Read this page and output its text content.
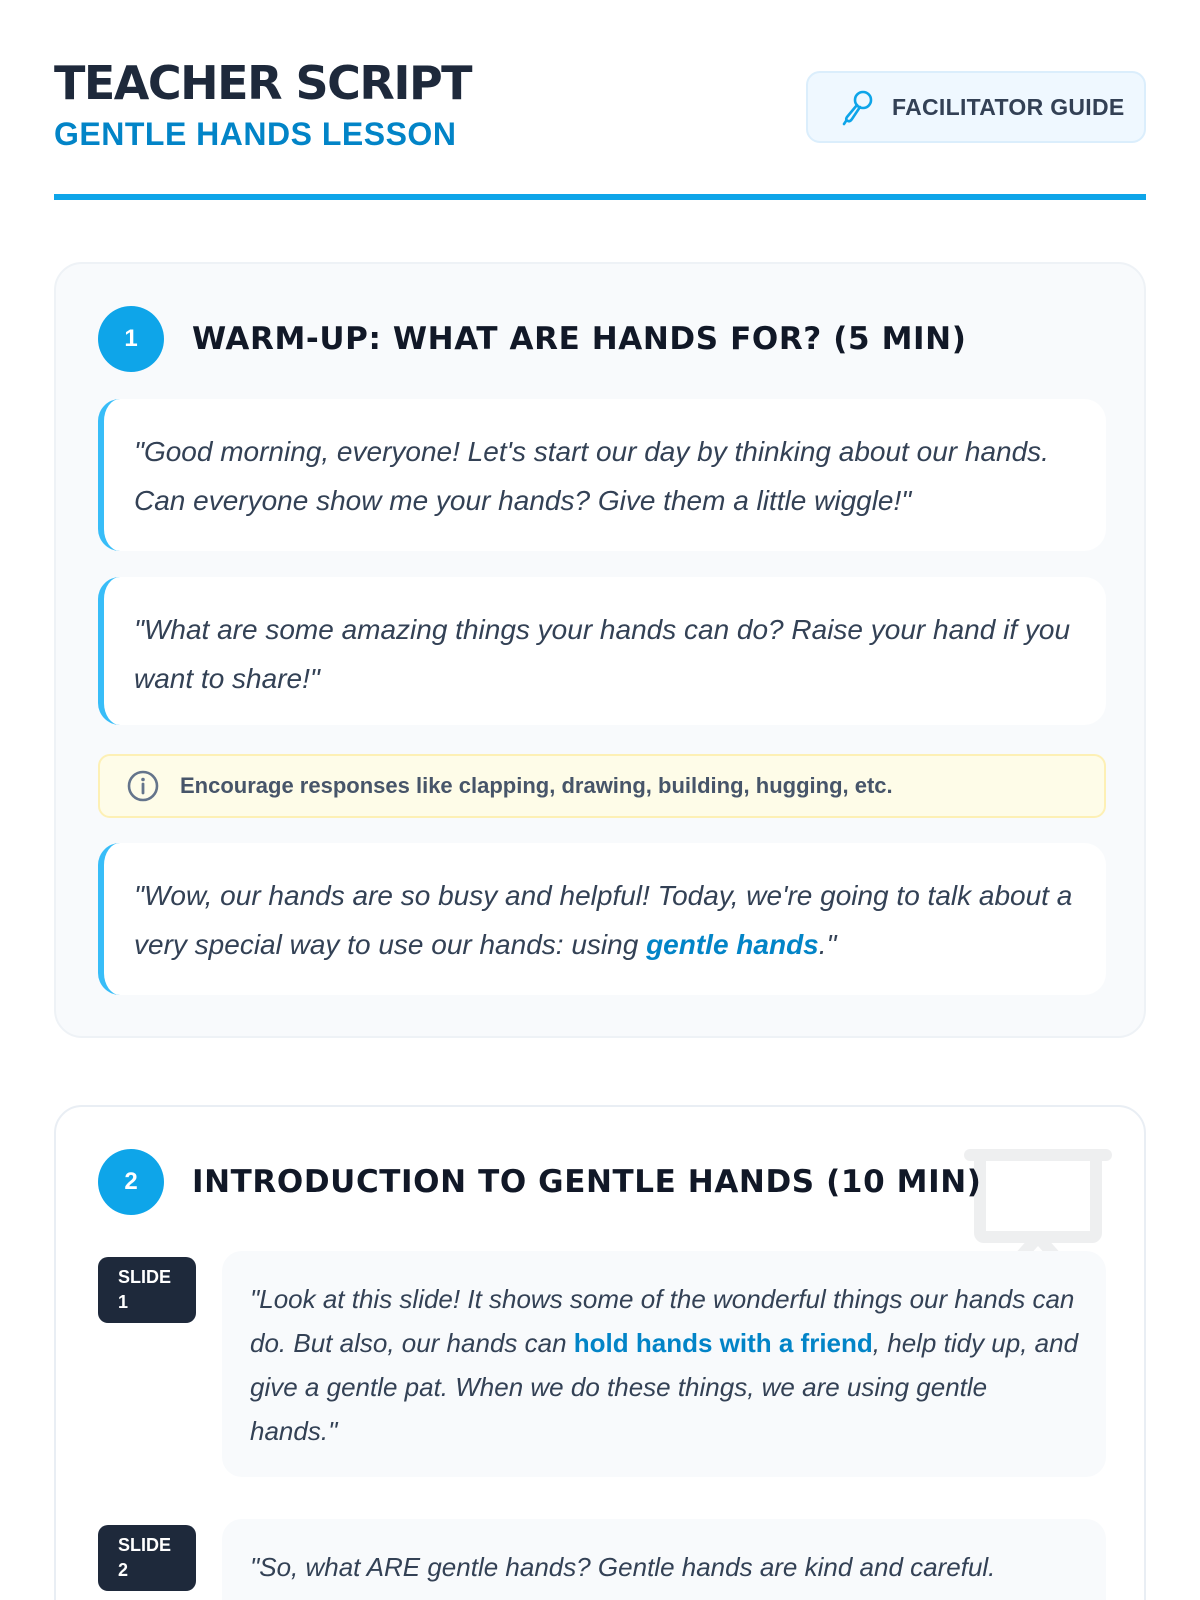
TEACHER SCRIPT
GENTLE HANDS LESSON
FACILITATOR GUIDE
1	WARM-UP: WHAT ARE HANDS FOR? (5 MIN)
"Good morning, everyone! Let's start our day by thinking about our hands. Can everyone show me your hands? Give them a little wiggle!"
"What are some amazing things your hands can do? Raise your hand if you want to share!"
Encourage responses like clapping, drawing, building, hugging, etc.
"Wow, our hands are so busy and helpful! Today, we're going to talk about a very special way to use our hands: using gentle hands."
2	INTRODUCTION TO GENTLE HANDS (10 MIN)
SLIDE
1	"Look at this slide! It shows some of the wonderful things our hands can do. But also, our hands can hold hands with a friend, help tidy up, and give a gentle pat. When we do these things, we are using gentle hands."
SLIDE
2	"So, what ARE gentle hands? Gentle hands are kind and careful.
